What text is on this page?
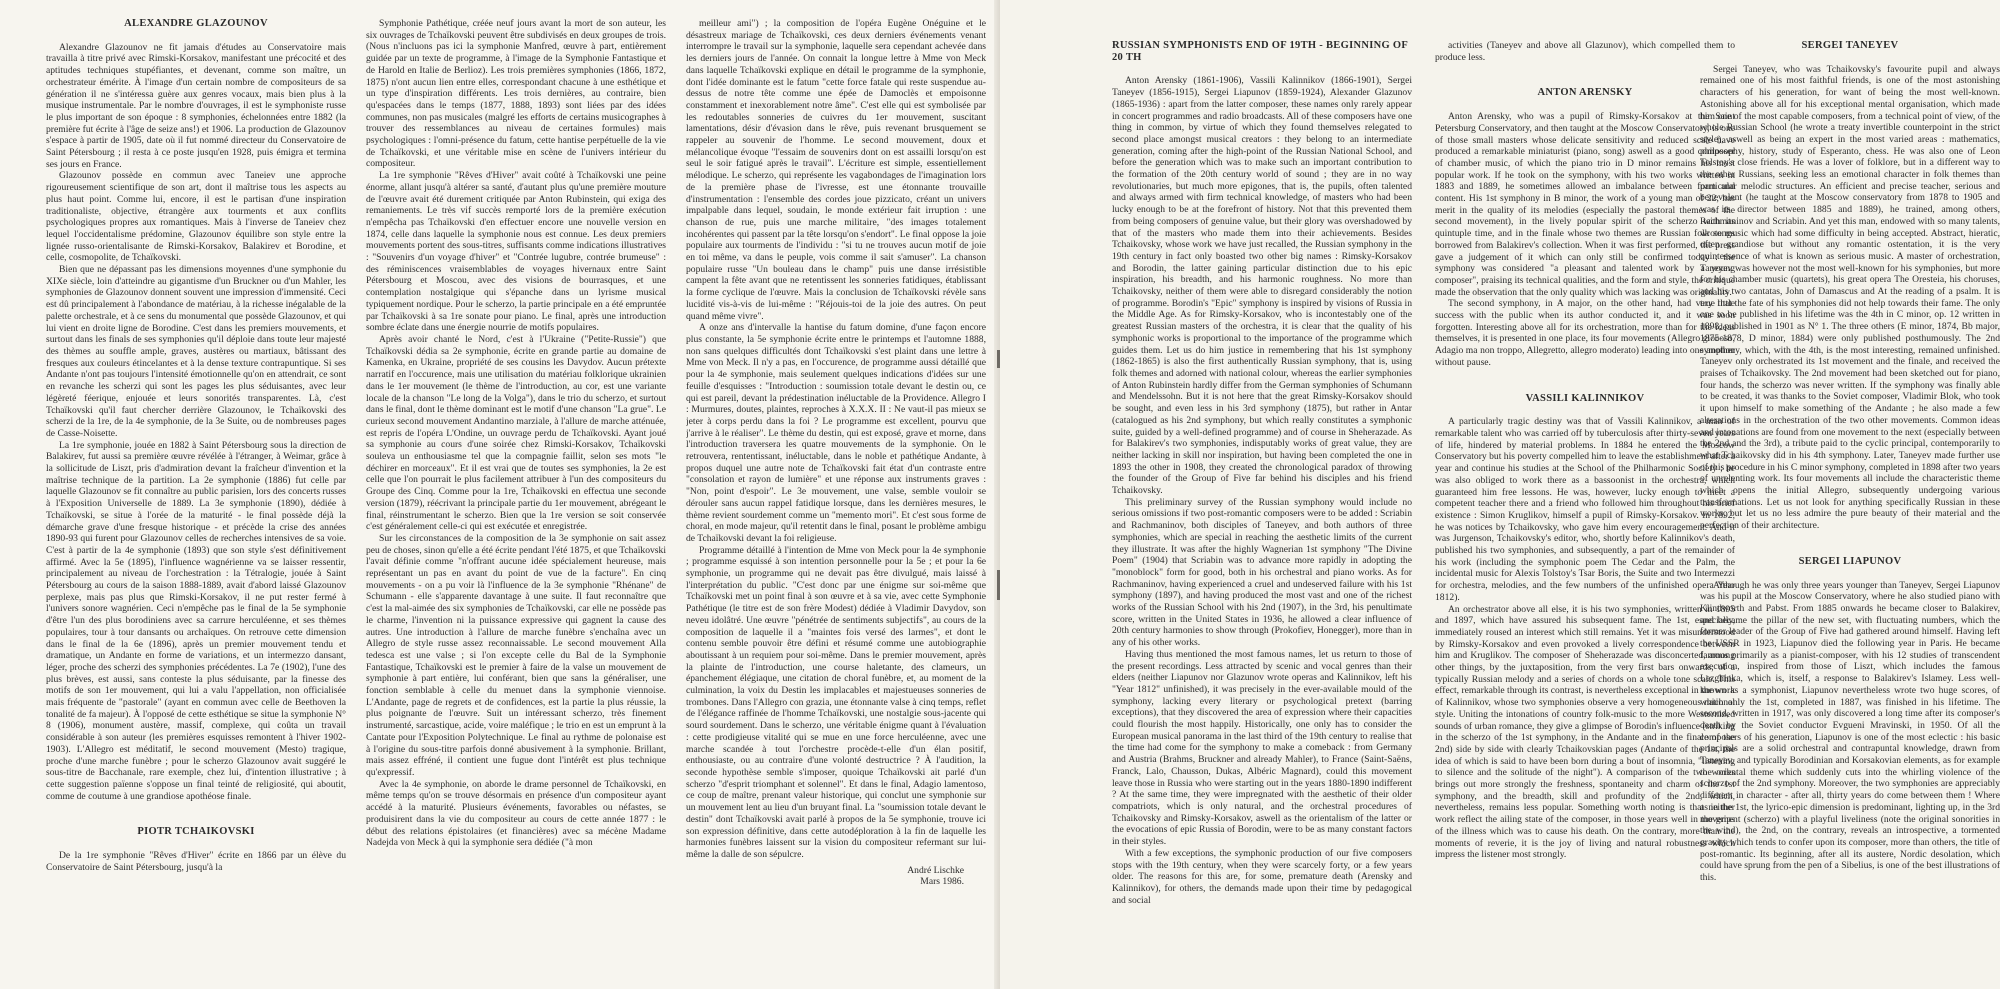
ALEXANDRE GLAZOUNOV

Alexandre Glazounov ne fit jamais d'études au Conservatoire mais travailla à titre privé avec Rimski-Korsakov, manifestant une précocité et des aptitudes techniques stupéfiantes, et devenant, comme son maître, un orchestrateur émérite. À l'image d'un certain nombre de compositeurs de sa génération il ne s'intéressa guère aux genres vocaux, mais bien plus à la musique instrumentale. Par le nombre d'ouvrages, il est le symphoniste russe le plus important de son époque : 8 symphonies, échelonnées entre 1882 (la première fut écrite à l'âge de seize ans!) et 1906. La production de Glazounov s'espace à partir de 1905, date où il fut nommé directeur du Conservatoire de Saint Pétersbourg ; il resta à ce poste jusqu'en 1928, puis émigra et termina ses jours en France.

Glazounov possède en commun avec Taneiev une approche rigoureusement scientifique de son art, dont il maîtrise tous les aspects au plus haut point. Comme lui, encore, il est le partisan d'une inspiration traditionaliste, objective, étrangère aux tourments et aux conflits psychologiques propres aux romantiques. Mais à l'inverse de Taneiev chez lequel l'occidentalisme prédomine, Glazounov équilibre son style entre la lignée russo-orientalisante de Rimski-Korsakov, Balakirev et Borodine, et celle, cosmopolite, de Tchaïkovski.

Bien que ne dépassant pas les dimensions moyennes d'une symphonie du XIXe siècle, loin d'atteindre au gigantisme d'un Bruckner ou d'un Mahler, les symphonies de Glazounov donnent souvent une impression d'immensité. Ceci est dû principalement à l'abondance de matériau, à la richesse inégalable de la palette orchestrale, et à ce sens du monumental que possède Glazounov, et qui lui vient en droite ligne de Borodine. C'est dans les premiers mouvements, et surtout dans les finals de ses symphonies qu'il déploie dans toute leur majesté des thèmes au souffle ample, graves, austères ou martiaux, bâtissant des fresques aux couleurs étincelantes et à la dense texture contrapuntique. Si ses Andante n'ont pas toujours l'intensité émotionnelle qu'on en attendrait, ce sont en revanche les scherzi qui sont les pages les plus séduisantes, avec leur légèreté féerique, enjouée et leurs sonorités transparentes. Là, c'est Tchaïkovski qu'il faut chercher derrière Glazounov, le Tchaïkovski des scherzi de la 1re, de la 4e symphonie, de la 3e Suite, ou de nombreuses pages de Casse-Noisette.

La 1re symphonie, jouée en 1882 à Saint Pétersbourg sous la direction de Balakirev, fut aussi sa première œuvre révélée à l'étranger, à Weimar, grâce à la sollicitude de Liszt, pris d'admiration devant la fraîcheur d'invention et la maîtrise technique de la partition. La 2e symphonie (1886) fut celle par laquelle Glazounov se fit connaître au public parisien, lors des concerts russes à l'Exposition Universelle de 1889. La 3e symphonie (1890), dédiée à Tchaïkovski, se situe à l'orée de la maturité - le final possède déjà la démarche grave d'une fresque historique - et précède la crise des années 1890-93 qui furent pour Glazounov celles de recherches intensives de sa voie. C'est à partir de la 4e symphonie (1893) que son style s'est définitivement affirmé. Avec la 5e (1895), l'influence wagnérienne va se laisser ressentir, principalement au niveau de l'orchestration : la Tétralogie, jouée à Saint Pétersbourg au cours de la saison 1888-1889, avait d'abord laissé Glazounov perplexe, mais pas plus que Rimski-Korsakov, il ne put rester fermé à l'univers sonore wagnérien. Ceci n'empêche pas le final de la 5e symphonie d'être l'un des plus borodiniens avec sa carrure herculéenne, et ses thèmes populaires, tour à tour dansants ou archaïques. On retrouve cette dimension dans le final de la 6e (1896), après un premier mouvement tendu et dramatique, un Andante en forme de variations, et un intermezzo dansant, léger, proche des scherzi des symphonies précédentes. La 7e (1902), l'une des plus brèves, est aussi, sans conteste la plus séduisante, par la finesse des motifs de son 1er mouvement, qui lui a valu l'appellation, non officialisée mais fréquente de "pastorale" (ayant en commun avec celle de Beethoven la tonalité de fa majeur). À l'opposé de cette esthétique se situe la symphonie N° 8 (1906), monument austère, massif, complexe, qui coûta un travail considérable à son auteur (les premières esquisses remontent à l'hiver 1902-1903). L'Allegro est méditatif, le second mouvement (Mesto) tragique, proche d'une marche funèbre ; pour le scherzo Glazounov avait suggéré le sous-titre de Bacchanale, rare exemple, chez lui, d'intention illustrative ; à cette suggestion païenne s'oppose un final teinté de religiosité, qui aboutit, comme de coutume à une grandiose apothéose finale.

PIOTR TCHAIKOVSKI

De la 1re symphonie "Rêves d'Hiver" écrite en 1866 par un élève du Conservatoire de Saint Pétersbourg, jusqu'à la

Symphonie Pathétique, créée neuf jours avant la mort de son auteur, les six ouvrages de Tchaïkovski peuvent être subdivisés en deux groupes de trois. (Nous n'incluons pas ici la symphonie Manfred, œuvre à part, entièrement guidée par un texte de programme, à l'image de la Symphonie Fantastique et de Harold en Italie de Berlioz). Les trois premières symphonies (1866, 1872, 1875) n'ont aucun lien entre elles, correspondant chacune à une esthétique et un type d'inspiration différents. Les trois dernières, au contraire, bien qu'espacées dans le temps (1877, 1888, 1893) sont liées par des idées communes, non pas musicales (malgré les efforts de certains musicographes à trouver des ressemblances au niveau de certaines formules) mais psychologiques : l'omni-présence du fatum, cette hantise perpétuelle de la vie de Tchaïkovski, et une véritable mise en scène de l'univers intérieur du compositeur.

La 1re symphonie "Rêves d'Hiver" avait coûté à Tchaïkovski une peine énorme, allant jusqu'à altérer sa santé, d'autant plus qu'une première mouture de l'œuvre avait été durement critiquée par Anton Rubinstein, qui exiga des remaniements. Le très vif succès remporté lors de la première exécution n'empêcha pas Tchaïkovski d'en effectuer encore une nouvelle version en 1874, celle dans laquelle la symphonie nous est connue. Les deux premiers mouvements portent des sous-titres, suffisants comme indications illustratives : "Souvenirs d'un voyage d'hiver" et "Contrée lugubre, contrée brumeuse" : des réminiscences vraisemblables de voyages hivernaux entre Saint Pétersbourg et Moscou, avec des visions de bourrasques, et une contemplation nostalgique qui s'épanche dans un lyrisme musical typiquement nordique. Pour le scherzo, la partie principale en a été empruntée par Tchaïkovski à sa 1re sonate pour piano. Le final, après une introduction sombre éclate dans une énergie nourrie de motifs populaires.

Après avoir chanté le Nord, c'est à l'Ukraine ("Petite-Russie") que Tchaïkovski dédia sa 2e symphonie, écrite en grande partie au domaine de Kamenka, en Ukraine, propriété de ses cousins les Davydov. Aucun prétexte narratif en l'occurence, mais une utilisation du matériau folklorique ukrainien dans le 1er mouvement (le thème de l'introduction, au cor, est une variante locale de la chanson "Le long de la Volga"), dans le trio du scherzo, et surtout dans le final, dont le thème dominant est le motif d'une chanson "La grue". Le curieux second mouvement Andantino marziale, à l'allure de marche atténuée, est repris de l'opéra L'Ondine, un ouvrage perdu de Tchaïkovski. Ayant joué sa symphonie au cours d'une soirée chez Rimski-Korsakov, Tchaïkovski souleva un enthousiasme tel que la compagnie faillit, selon ses mots "le déchirer en morceaux". Et il est vrai que de toutes ses symphonies, la 2e est celle que l'on pourrait le plus facilement attribuer à l'un des compositeurs du Groupe des Cinq. Comme pour la 1re, Tchaïkovski en effectua une seconde version (1879), réécrivant la principale partie du 1er mouvement, abrégeant le final, réinstrumentant le scherzo. Bien que la 1re version se soit conservée c'est généralement celle-ci qui est exécutée et enregistrée.

Sur les circonstances de la composition de la 3e symphonie on sait assez peu de choses, sinon qu'elle a été écrite pendant l'été 1875, et que Tchaïkovski l'avait définie comme "n'offrant aucune idée spécialement heureuse, mais représentant un pas en avant du point de vue de la facture". En cinq mouvements - on a pu voir là l'influence de la 3e symphonie "Rhénane" de Schumann - elle s'apparente davantage à une suite. Il faut reconnaître que c'est la mal-aimée des six symphonies de Tchaïkovski, car elle ne possède pas le charme, l'invention ni la puissance expressive qui gagnent la cause des autres. Une introduction à l'allure de marche funèbre s'enchaîna avec un Allegro de style russe assez reconnaissable. Le second mouvement Alla tedesca est une valse ; si l'on excepte celle du Bal de la Symphonie Fantastique, Tchaïkovski est le premier à faire de la valse un mouvement de symphonie à part entière, lui conférant, bien que sans la généraliser, une fonction semblable à celle du menuet dans la symphonie viennoise. L'Andante, page de regrets et de confidences, est la partie la plus réussie, la plus poignante de l'œuvre. Suit un intéressant scherzo, très finement instrumenté, sarcastique, acide, voire maléfique ; le trio en est un emprunt à la Cantate pour l'Exposition Polytechnique. Le final au rythme de polonaise est à l'origine du sous-titre parfois donné abusivement à la symphonie. Brillant, mais assez effréné, il contient une fugue dont l'intérêt est plus technique qu'expressif.

Avec la 4e symphonie, on aborde le drame personnel de Tchaïkovski, en même temps qu'on se trouve désormais en présence d'un compositeur ayant accédé à la maturité. Plusieurs événements, favorables ou néfastes, se produisirent dans la vie du compositeur au cours de cette année 1877 : le début des relations épistolaires (et financières) avec sa mécène Madame Nadejda von Meck à qui la symphonie sera dédiée ("à mon

meilleur ami") ; la composition de l'opéra Eugène Onéguine et le désastreux mariage de Tchaïkovski, ces deux derniers événements venant interrompre le travail sur la symphonie, laquelle sera cependant achevée dans les derniers jours de l'année. On connait la longue lettre à Mme von Meck dans laquelle Tchaïkovski explique en détail le programme de la symphonie, dont l'idée dominante est le fatum "cette force fatale qui reste suspendue au-dessus de notre tête comme une épée de Damoclès et empoisonne constamment et inexorablement notre âme". C'est elle qui est symbolisée par les redoutables sonneries de cuivres du 1er mouvement, suscitant lamentations, désir d'évasion dans le rêve, puis revenant brusquement se rappeler au souvenir de l'homme. Le second mouvement, doux et mélancolique évoque "l'essaim de souvenirs dont on est assailli lorsqu'on est seul le soir fatigué après le travail". L'écriture est simple, essentiellement mélodique. Le scherzo, qui représente les vagabondages de l'imagination lors de la première phase de l'ivresse, est une étonnante trouvaille d'instrumentation : l'ensemble des cordes joue pizzicato, créant un univers impalpable dans lequel, soudain, le monde extérieur fait irruption : une chanson de rue, puis une marche militaire, "des images totalement incohérentes qui passent par la tête lorsqu'on s'endort". Le final oppose la joie populaire aux tourments de l'individu : "si tu ne trouves aucun motif de joie en toi même, va dans le peuple, vois comme il sait s'amuser". La chanson populaire russe "Un bouleau dans le champ" puis une danse irrésistible campent la fête avant que ne retentissent les sonneries fatidiques, établissant la forme cyclique de l'œuvre. Mais la conclusion de Tchaïkovski révèle sans lucidité vis-à-vis de lui-même : "Réjouis-toi de la joie des autres. On peut quand même vivre".

A onze ans d'intervalle la hantise du fatum domine, d'une façon encore plus constante, la 5e symphonie écrite entre le printemps et l'automne 1888, non sans quelques difficultés dont Tchaïkovski s'est plaint dans une lettre à Mme von Meck. Il n'y a pas, en l'occurence, de programme aussi détaillé que pour la 4e symphonie, mais seulement quelques indications d'idées sur une feuille d'esquisses : "Introduction : soumission totale devant le destin ou, ce qui est pareil, devant la prédestination inéluctable de la Providence. Allegro I : Murmures, doutes, plaintes, reproches à X.X.X. II : Ne vaut-il pas mieux se jeter à corps perdu dans la foi ? Le programme est excellent, pourvu que j'arrive à le réaliser". Le thème du destin, qui est exposé, grave et morne, dans l'introduction traversera les quatre mouvements de la symphonie. On le retrouvera, rententissant, inéluctable, dans le noble et pathétique Andante, à propos duquel une autre note de Tchaïkovski fait état d'un contraste entre "consolation et rayon de lumière" et une réponse aux instruments graves : "Non, point d'espoir". Le 3e mouvement, une valse, semble vouloir se dérouler sans aucun rappel fatidique lorsque, dans les dernières mesures, le thème revient sourdement comme un "memento mori". Et c'est sous forme de choral, en mode majeur, qu'il retentit dans le final, posant le problème ambigu de Tchaïkovski devant la foi religieuse.

Programme détaillé à l'intention de Mme von Meck pour la 4e symphonie ; programme esquissé à son intention personnelle pour la 5e ; et pour la 6e symphonie, un programme qui ne devait pas être divulgué, mais laissé à l'interprétation du public. "C'est donc par une énigme sur soi-même que Tchaïkovski met un point final à son œuvre et à sa vie, avec cette Symphonie Pathétique (le titre est de son frère Modest) dédiée à Vladimir Davydov, son neveu idolâtré. Une œuvre "pénétrée de sentiments subjectifs", au cours de la composition de laquelle il a "maintes fois versé des larmes", et dont le contenu semble pouvoir être défini et résumé comme une autobiographie aboutissant à un requiem pour soi-même. Dans le premier mouvement, après la plainte de l'introduction, une course haletante, des clameurs, un épanchement élégiaque, une citation de choral funèbre, et, au moment de la culmination, la voix du Destin les implacables et majestueuses sonneries de trombones. Dans l'Allegro con grazia, une étonnante valse à cinq temps, reflet de l'élégance raffinée de l'homme Tchaïkovski, une nostalgie sous-jacente qui sourd sourdement. Dans le scherzo, une véritable énigme quant à l'évaluation : cette prodigieuse vitalité qui se mue en une force herculéenne, avec une marche scandée à tout l'orchestre procède-t-elle d'un élan positif, enthousiaste, ou au contraire d'une volonté destructrice ? À l'audition, la seconde hypothèse semble s'imposer, quoique Tchaïkovski ait parlé d'un scherzo "d'esprit triomphant et solennel". Et dans le final, Adagio lamentoso, ce coup de maître, prenant valeur historique, qui conclut une symphonie sur un mouvement lent au lieu d'un bruyant final. La "soumission totale devant le destin" dont Tchaïkovski avait parlé à propos de la 5e symphonie, trouve ici son expression définitive, dans cette autodéploration à la fin de laquelle les harmonies funèbres laissent sur la vision du compositeur refermant sur lui-même la dalle de son sépulcre.

André Lischke
Mars 1986.
RUSSIAN SYMPHONISTS END OF 19TH - BEGINNING OF 20 TH

Anton Arensky (1861-1906), Vassili Kalinnikov (1866-1901), Sergei Taneyev (1856-1915), Sergei Liapunov (1859-1924), Alexander Glazunov (1865-1936) : apart from the latter composer, these names only rarely appear in concert programmes and radio broadcasts. All of these composers have one thing in common, by virtue of which they found themselves relegated to second place amongst musical creators : they belong to an intermediate generation, coming after the high-point of the Russian National School, and before the generation which was to make such an important contribution to the formation of the 20th century world of sound ; they are in no way revolutionaries, but much more epigones, that is, the pupils, often talented and always armed with firm technical knowledge, of masters who had been lucky enough to be at the forefront of history. Not that this prevented them from being composers of genuine value, but their glory was overshadowed by that of the masters who made them into their achievements. Besides Tchaikovsky, whose work we have just recalled, the Russian symphony in the 19th century in fact only boasted two other big names : Rimsky-Korsakov and Borodin, the latter gaining particular distinction due to his epic inspiration, his breadth, and his harmonic roughness. No more than Tchaikovsky, neither of them were able to disregard considerably the notion of programme. Borodin's "Epic" symphony is inspired by visions of Russia in the Middle Age. As for Rimsky-Korsakov, who is incontestably one of the greatest Russian masters of the orchestra, it is clear that the quality of his symphonic works is proportional to the importance of the programme which guides them. Let us do him justice in remembering that his 1st symphony (1862-1865) is also the first authentically Russian symphony, that is, using folk themes and adorned with national colour, whereas the earlier symphonies of Anton Rubinstein hardly differ from the German symphonies of Schumann and Mendelssohn. But it is not here that the great Rimsky-Korsakov should be sought, and even less in his 3rd symphony (1875), but rather in Antar (catalogued as his 2nd symphony, but which really constitutes a symphonic suite, guided by a well-defined programme) and of course in Sheherazade. As for Balakirev's two symphonies, indisputably works of great value, they are neither lacking in skill nor inspiration, but having been completed the one in 1893 the other in 1908, they created the chronological paradox of throwing the founder of the Group of Five far behind his disciples and his friend Tchaikovsky.

This preliminary survey of the Russian symphony would include no serious omissions if two post-romantic composers were to be added : Scriabin and Rachmaninov, both disciples of Taneyev, and both authors of three symphonies, which are special in reaching the aesthetic limits of the current they illustrate. It was after the highly Wagnerian 1st symphony "The Divine Poem" (1904) that Scriabin was to advance more rapidly in adopting the "monoblock" form for good, both in his orchestral and piano works. As for Rachmaninov, having experienced a cruel and undeserved failure with his 1st symphony (1897), and having produced the most vast and one of the richest works of the Russian School with his 2nd (1907), in the 3rd, his penultimate score, written in the United States in 1936, he allowed a clear influence of 20th century harmonies to show through (Prokofiev, Honegger), more than in any of his other works.

Having thus mentioned the most famous names, let us return to those of the present recordings. Less attracted by scenic and vocal genres than their elders (neither Liapunov nor Glazunov wrote operas and Kalinnikov, left his "Year 1812" unfinished), it was precisely in the ever-available mould of the symphony, lacking every literary or psychological pretext (barring exceptions), that they discovered the area of expression where their capacities could flourish the most happily. Historically, one only has to consider the European musical panorama in the last third of the 19th century to realise that the time had come for the symphony to make a comeback : from Germany and Austria (Brahms, Bruckner and already Mahler), to France (Saint-Saëns, Franck, Lalo, Chausson, Dukas, Albéric Magnard), could this movement leave those in Russia who were starting out in the years 1880-1890 indifferent ? At the same time, they were impregnated with the aesthetic of their older compatriots, which is only natural, and the orchestral procedures of Tchaikovsky and Rimsky-Korsakov, aswell as the orientalism of the latter or the evocations of epic Russia of Borodin, were to be as many constant factors in their styles.

With a few exceptions, the symphonic production of our five composers stops with the 19th century, when they were scarcely forty, or a few years older. The reasons for this are, for some, premature death (Arensky and Kalinnikov), for others, the demands made upon their time by pedagogical and social

activities (Taneyev and above all Glazunov), which compelled them to produce less.

ANTON ARENSKY

Anton Arensky, who was a pupil of Rimsky-Korsakov at the Saint Petersburg Conservatory, and then taught at the Moscow Conservatory, is one of those small masters whose delicate sensitivity and reduced scale have produced a remarkable miniaturist (piano, song) aswell as a good composer of chamber music, of which the piano trio in D minor remains his most popular work. If he took on the symphony, with his two works written in 1883 and 1889, he sometimes allowed an imbalance between form and content. His 1st symphony in B minor, the work of a young man of 22, has merit in the quality of its melodies (especially the pastoral themes of the second movement), in the lively popular spirit of the scherzo with its quintuple time, and in the finale whose two themes are Russian folk songs borrowed from Balakirev's collection. When it was first performed, the press gave a judgement of it which can only still be confirmed today : the symphony was considered "a pleasant and talented work by a young composer", praising its technical qualities, and the form and style, the critique made the observation that the only quality which was lacking was originality.

The second symphony, in A major, on the other hand, had very little success with the public when its author conducted it, and it was soon forgotten. Interesting above all for its orchestration, more than for the ideas themselves, it is presented in one place, its four movements (Allegro giocoso, Adagio ma non troppo, Allegretto, allegro moderato) leading into one another without pause.

VASSILI KALINNIKOV

A particularly tragic destiny was that of Vassili Kalinnikov, a man of remarkable talent who was carried off by tuberculosis after thirty-seven years of life, hindered by material problems. In 1884 he entered the Moscow Conservatory but his poverty compelled him to leave the establishment after a year and continue his studies at the School of the Philharmonic Society ; he was also obliged to work there as a bassoonist in the orchestra, which guaranteed him free lessons. He was, however, lucky enough to meet a competent teacher there and a friend who followed him throughout his brief existence : Simon Kruglikov, himself a pupil of Rimsky-Korsakov. In 1892, he was notices by Tchaikovsky, who gave him every encouragement. And it was Jurgenson, Tchaikovsky's editor, who, shortly before Kalinnikov's death, published his two symphonies, and subsequently, a part of the remainder of his work (including the symphonic poem The Cedar and the Palm, the incidental music for Alexis Tolstoy's Tsar Boris, the Suite and two Intermezzi for orchestra, melodies, and the few numbers of the unfinished opera Year 1812).

An orchestrator above all else, it is his two symphonies, written in 1895 and 1897, which have assured his subsequent fame. The 1st, especially, immediately roused an interest which still remains. Yet it was misunderstood by Rimsky-Korsakov and even provoked a lively correspondence between him and Kruglikov. The composer of Sheherazade was disconcerted, among other things, by the juxtaposition, from the very first bars onwards, of a typically Russian melody and a series of chords on a whole tone scale. This effect, remarkable through its contrast, is nevertheless exceptional in the work of Kalinnikov, whose two symphonies observe a very homogeneous national style. Uniting the intonations of country folk-music to the more Westernized sounds of urban romance, they give a glimpse of Borodin's influence (striking in the scherzo of the 1st symphony, in the Andante and in the finale of the 2nd) side by side with clearly Tchaikovskian pages (Andante of the 1st, the idea of which is said to have been born during a bout of insomnia, "listening to silence and the solitude of the night"). A comparison of the two works brings out more strongly the freshness, spontaneity and charm of the 1st symphony, and the breadth, skill and profundity of the 2nd, which, nevertheless, remains less popular. Something worth noting is that neither work reflect the ailing state of the composer, in those years well in the grips of the illness which was to cause his death. On the contrary, more than the moments of reverie, it is the joy of living and natural robustness which impress the listener most strongly.

SERGEI TANEYEV

Sergei Taneyev, who was Tchaikovsky's favourite pupil and always remained one of his most faithful friends, is one of the most astonishing characters of his generation, for want of being the most well-known. Astonishing above all for his exceptional mental organisation, which made him one of the most capable composers, from a technical point of view, of the whole Russian School (he wrote a treaty invertible counterpoint in the strict style), aswell as being an expert in the most varied areas : mathematics, philosophy, history, study of Esperanto, chess. He was also one of Leon Tolstoy's close friends. He was a lover of folklore, but in a different way to the other Russians, seeking less an emotional character in folk themes than particular melodic structures. An efficient and precise teacher, serious and benevolent (he taught at the Moscow conservatory from 1878 to 1905 and was its director between 1885 and 1889), he trained, among others, Rachmaninov and Scriabin. And yet this man, endowed with so many talents, wrote music which had some difficulty in being accepted. Abstract, hieratic, often grandiose but without any romantic ostentation, it is the very quintessence of what is known as serious music. A master of orchestration, Taneyev was however not the most well-known for his symphonies, but more for his chamber music (quartets), his great opera The Oresteia, his choruses, and his two cantatas, John of Damascus and At the reading of a psalm. It is true that the fate of his symphonies did not help towards their fame. The only one to be published in his lifetime was the 4th in C minor, op. 12 written in 1898, published in 1901 as N° 1. The three others (E minor, 1874, Bb major, 1875-1878, D minor, 1884) were only published posthumously. The 2nd symphony, which, with the 4th, is the most interesting, remained unfinished. Taneyev only orchestrated its 1st movement and the finale, and received the praises of Tchaikovsky. The 2nd movement had been sketched out for piano, four hands, the scherzo was never written. If the symphony was finally able to be created, it was thanks to the Soviet composer, Vladimir Blok, who took it upon himself to make something of the Andante ; he also made a few alterations in the orchestration of the two other movements. Common ideas and intonations are found from one movement to the next (especially between the 2nd and the 3rd), a tribute paid to the cyclic principal, contemporarily to what Tchaikovsky did in his 4th symphony. Later, Taneyev made further use of this procedure in his C minor symphony, completed in 1898 after two years of unrelenting work. Its four movements all include the characteristic theme which opens the initial Allegro, subsequently undergoing various transformations. Let us not look for anything specifically Russian in these works, but let us no less admire the pure beauty of their material and the perfection of their architecture.

SERGEI LIAPUNOV

Although he was only three years younger than Taneyev, Sergei Liapunov was his pupil at the Moscow Conservatory, where he also studied piano with Klindworth and Pabst. From 1885 onwards he became closer to Balakirev, and became the pillar of the new set, with fluctuating numbers, which the former leader of the Group of Five had gathered around himself. Having left the USSR in 1923, Liapunov died the following year in Paris. He became famous primarily as a pianist-composer, with his 12 studies of transcendent execution, inspired from those of Liszt, which includes the famous Lezghinka, which is, itself, a response to Balakirev's Islamey. Less well-known as a symphonist, Liapunov nevertheless wrote two huge scores, of which only the 1st, completed in 1887, was finished in his lifetime. The second, written in 1917, was only discovered a long time after its composer's death by the Soviet conductor Evgueni Mravinski, in 1950. Of all the composers of his generation, Liapunov is one of the most eclectic : his basic principals are a solid orchestral and contrapuntal knowledge, drawn from Taneyev, and typically Borodinian and Korsakovian elements, as for example the oriental theme which suddenly cuts into the whirling violence of the scherzo of the 2nd symphony. Moreover, the two symphonies are appreciably different in character - after all, thirty years do come between them ! Where as in the 1st, the lyrico-epic dimension is predominant, lighting up, in the 3rd movement (scherzo) with a playful liveliness (note the original sonorities in the wind), the 2nd, on the contrary, reveals an introspective, a tormented gravity which tends to confer upon its composer, more than others, the title of post-romantic. Its beginning, after all its austere, Nordic desolation, which could have sprung from the pen of a Sibelius, is one of the best illustrations of this.
